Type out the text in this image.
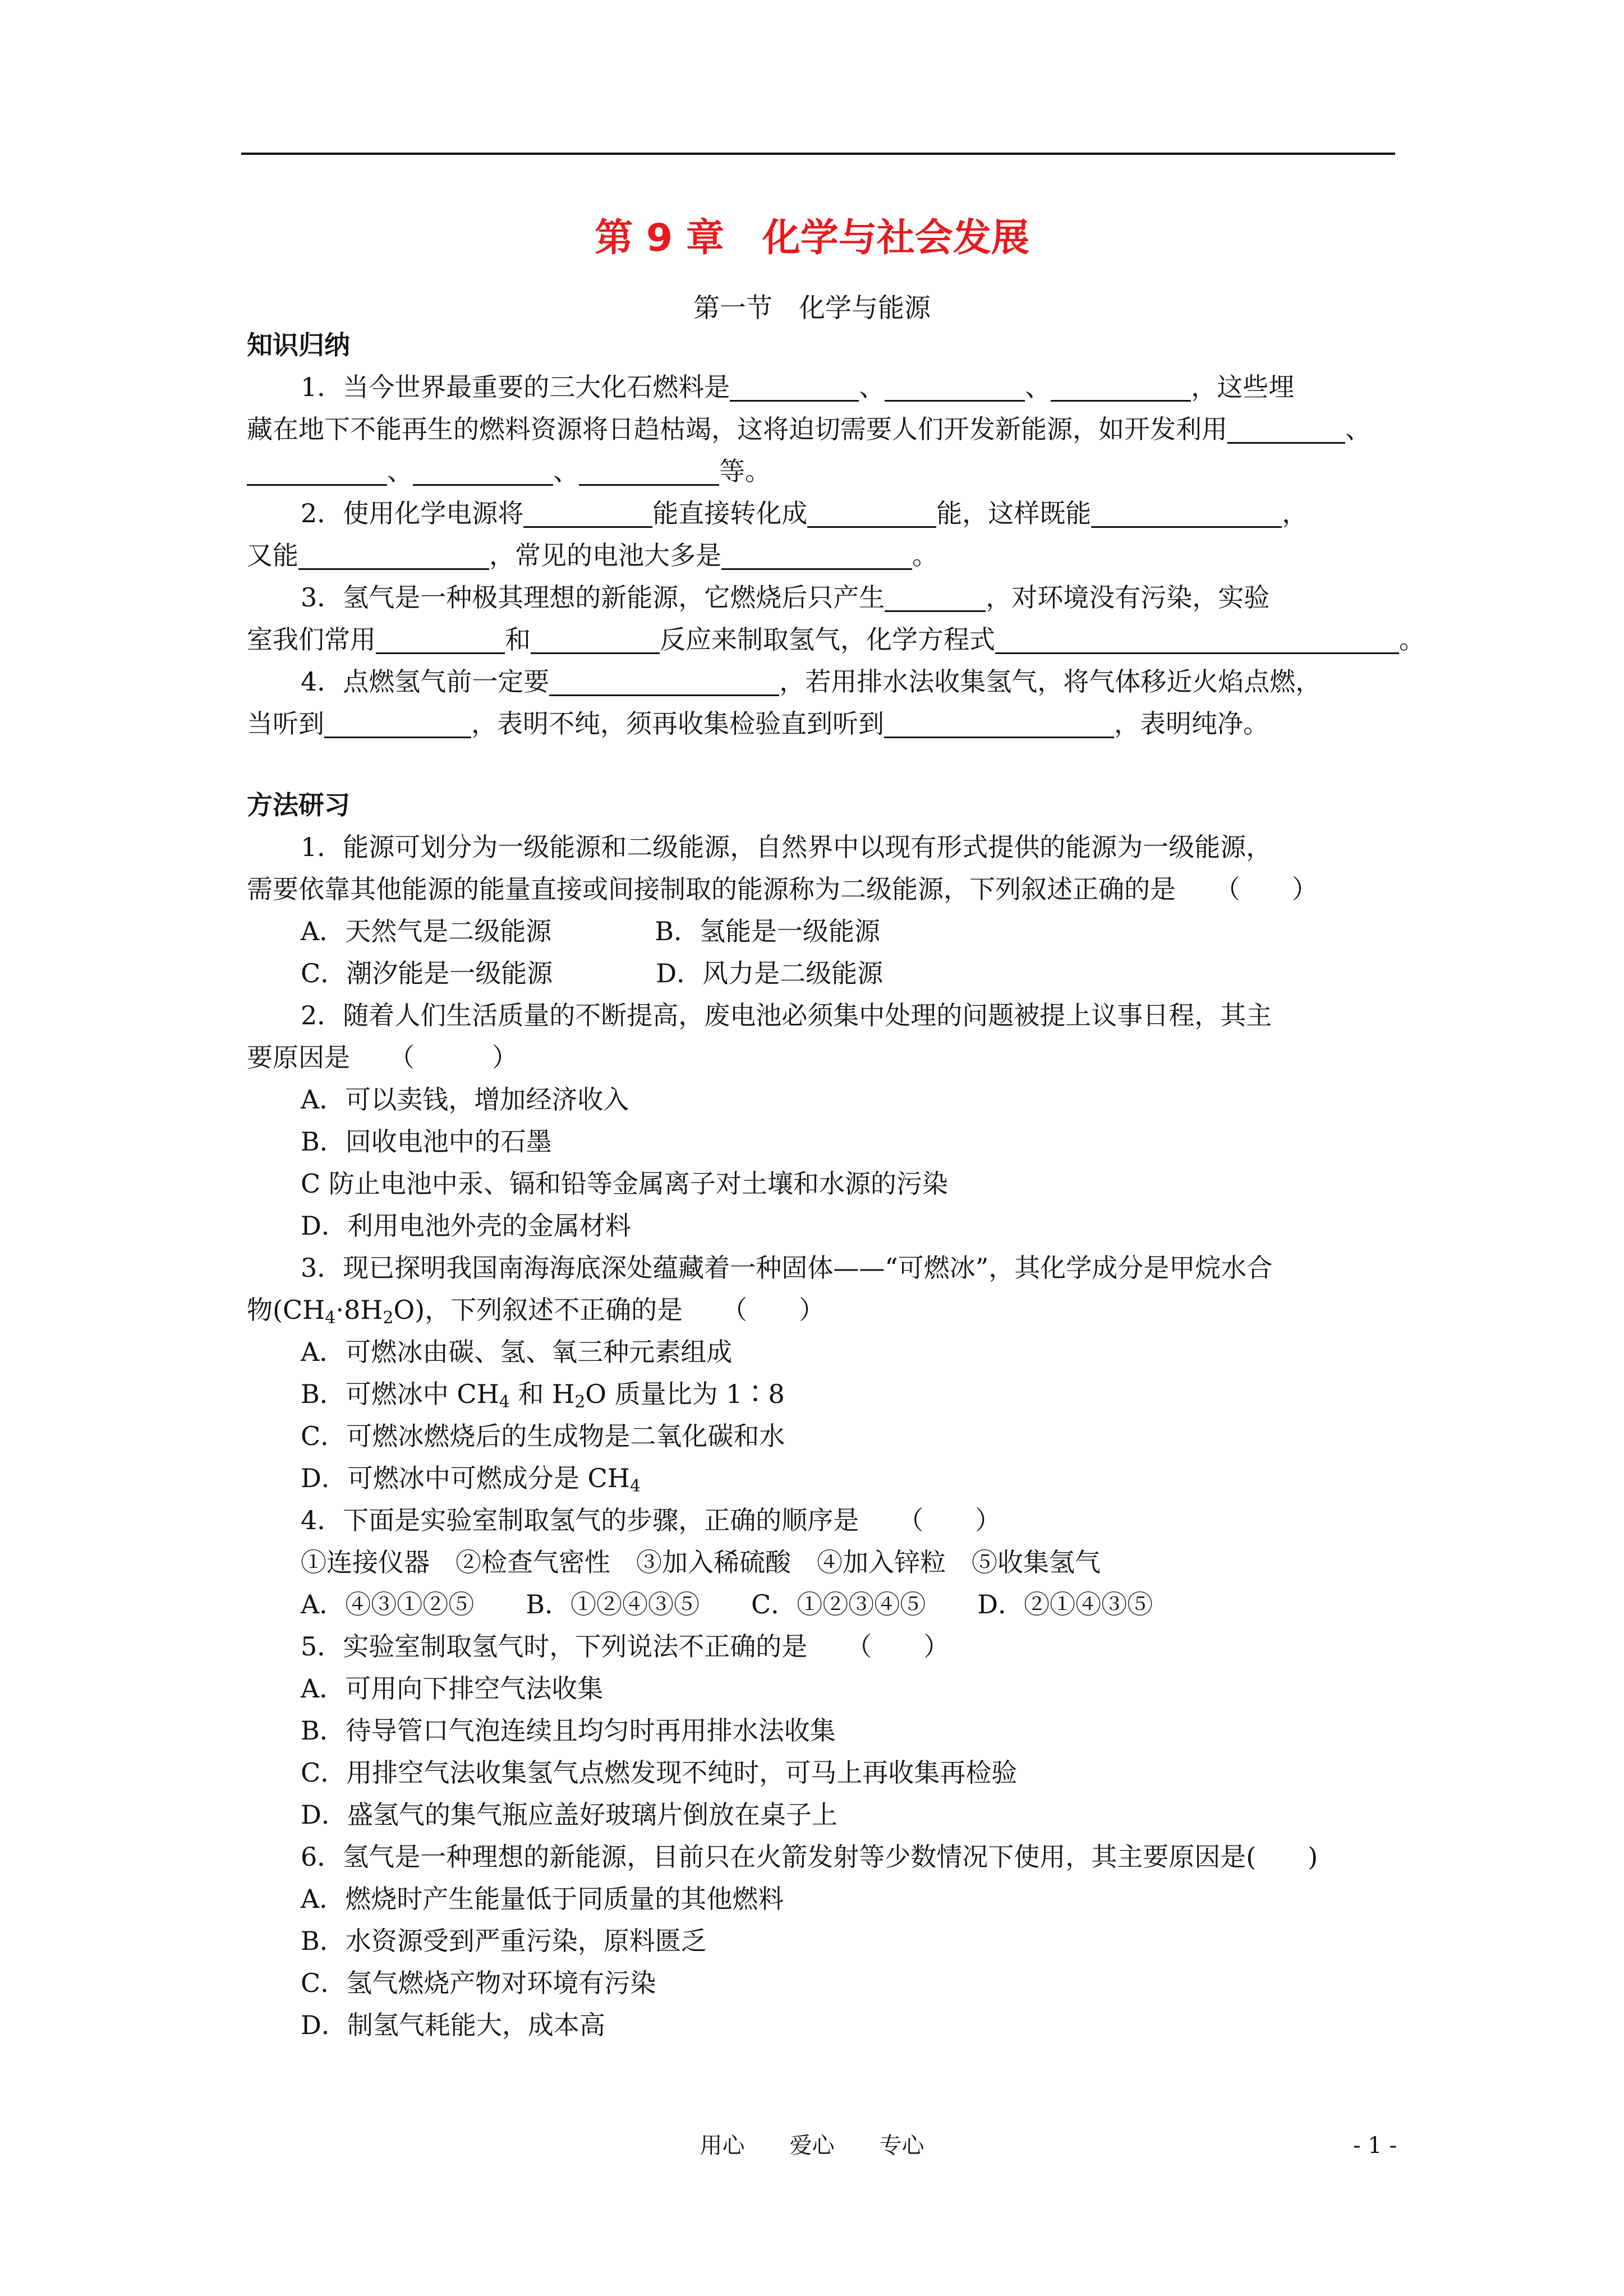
第 9 章　化学与社会发展
第一节　化学与能源
知识归纳
1．当今世界最重要的三大化石燃料是	、	、	，这些埋
藏在地下不能再生的燃料资源将日趋枯竭，这将迫切需要人们开发新能源，如开发利用	、
、	、	等。
2．使用化学电源将	能直接转化成	能，这样既能	，
又能	，常见的电池大多是	。
3．氢气是一种极其理想的新能源，它燃烧后只产生	，对环境没有污染，实验
室我们常用	和	反应来制取氢气，化学方程式	。
4．点燃氢气前一定要	，若用排水法收集氢气，将气体移近火焰点燃，
当听到	，表明不纯，须再收集检验直到听到	，表明纯净。
方法研习
1．能源可划分为一级能源和二级能源，自然界中以现有形式提供的能源为一级能源，
需要依靠其他能源的能量直接或间接制取的能源称为二级能源，下列叙述正确的是　　（　　）
A．天然气是二级能源　　　　B．氢能是一级能源
C．潮汐能是一级能源　　　　D．风力是二级能源
2．随着人们生活质量的不断提高，废电池必须集中处理的问题被提上议事日程，其主
要原因是　　（　　　）
A．可以卖钱，增加经济收入
B．回收电池中的石墨
C 防止电池中汞、镉和铅等金属离子对土壤和水源的污染
D．利用电池外壳的金属材料
3．现已探明我国南海海底深处蕴藏着一种固体——“可燃冰”，其化学成分是甲烷水合
物$(CH_4\cdot 8H_2O)$，下列叙述不正确的是　　（　　）
A．可燃冰由碳、氢、氧三种元素组成
B．可燃冰中 $CH_4$ 和 $H_2O$ 质量比为 1∶8
C．可燃冰燃烧后的生成物是二氧化碳和水
D．可燃冰中可燃成分是 $CH_4$
4．下面是实验室制取氢气的步骤，正确的顺序是　　（　　）
①连接仪器　②检查气密性　③加入稀硫酸　④加入锌粒　⑤收集氢气
A．④③①②⑤　　B．①②④③⑤　　C．①②③④⑤　　D．②①④③⑤
5．实验室制取氢气时，下列说法不正确的是　　（　　）
A．可用向下排空气法收集
B．待导管口气泡连续且均匀时再用排水法收集
C．用排空气法收集氢气点燃发现不纯时，可马上再收集再检验
D．盛氢气的集气瓶应盖好玻璃片倒放在桌子上
6．氢气是一种理想的新能源，目前只在火箭发射等少数情况下使用，其主要原因是(　　)
A．燃烧时产生能量低于同质量的其他燃料
B．水资源受到严重污染，原料匮乏
C．氢气燃烧产物对环境有污染
D．制氢气耗能大，成本高
用心　　爱心　　专心	- 1 -
